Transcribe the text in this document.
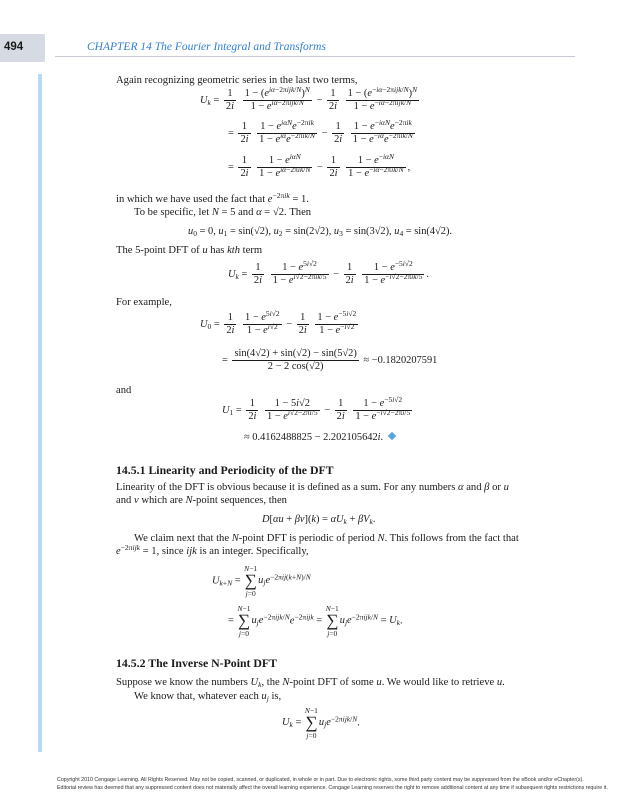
494	CHAPTER 14 The Fourier Integral and Transforms
Again recognizing geometric series in the last two terms,
$U_k = \frac{1}{2i}$
$\frac{1 - (e^{i\alpha-2\pi ijk/N})^N}{1 - e^{i\alpha-2\pi ijk/N}} - \frac{1}{2i}$
$\frac{1 - (e^{-i\alpha-2\pi ijk/N})^N}{1 - e^{-i\alpha-2\pi ijk/N}}$
= $\frac{1}{2i}$
$\frac{1 - e^{i\alpha N}e^{-2\pi ik}}{1 - e^{i\alpha}e^{-2\pi ik/N}} - \frac{1}{2i}$
$\frac{1 - e^{-i\alpha N}e^{-2\pi ik}}{1 - e^{-i\alpha}e^{-2\pi ik/N}}$
= $\frac{1}{2i}$
$\frac{1 - e^{i\alpha N}}{1 - e^{i\alpha-2\pi ik/N}} - \frac{1}{2i}$
$\frac{1 - e^{-i\alpha N}}{1 - e^{-i\alpha-2\pi ik/N}}$ ,
in which we have used the fact that $e^{-2\pi ik} = 1$.
To be specific, let N = 5 and α = √2. Then
$u_0 = 0$, $u_1 = \sin(√2)$, $u_2 = \sin(2√2)$, $u_3 = \sin(3√2)$, $u_4 = \sin(4√2)$.
The 5-point DFT of u has kth term
$U_k = \frac{1}{2i}$
$\frac{1 - e^{5i√2}}{1 - e^{i√2-2\pi ik/5}} - \frac{1}{2i}$
$\frac{1 - e^{-5i√2}}{1 - e^{-i√2-2\pi ik/5}}$ .
For example,
$U_0 = \frac{1}{2i}$
$\frac{1 - e^{5i√2}}{1 - e^{i√2}} - \frac{1}{2i}$
$\frac{1 - e^{-5i√2}}{1 - e^{-i√2}}$
= $\frac{\sin(4√2) + \sin(√2) - \sin(5√2)}{2 - 2 \cos(√2)} \approx -0.1820207591$
and
$U_1 = \frac{1}{2i}$
$\frac{1 - 5i√2}{1 - e^{i√2-2\pi i/5}} - \frac{1}{2i}$
$\frac{1 - e^{-5i√2}}{1 - e^{-i√2-2\pi i/5}}$
≈ 0.4162488825 − 2.202105642i.
14.5.1 Linearity and Periodicity of the DFT
Linearity of the DFT is obvious because it is defined as a sum. For any numbers α and β or u
and v which are N-point sequences, then
$D[\alpha u + \beta v](k) = \alpha U_k + \beta V_k$.
We claim next that the N-point DFT is periodic of period N. This follows from the fact that
$e^{-2\pi ijk} = 1$, since ijk is an integer. Specifically,
$U_{k+N} = N-1$
∑
$j=0u_je^{-2\pi ij(k+N)/N}$
= N−1
∑
$j=0u_je^{-2\pi ijk/N}e^{-2\pi ijk} = N-1$
∑
$j=0u_je^{-2\pi ijk/N} = U_k$.
14.5.2 The Inverse N-Point DFT
Suppose we know the numbers $U_k$, the N-point DFT of some u. We would like to retrieve u.
We know that, whatever each $u_j$ is,
$U_k = N-1$
∑
$j=0u_je^{-2\pi ijk/N}$.
Copyright 2010 Cengage Learning. All Rights Reserved. May not be copied, scanned, or duplicated, in whole or in part. Due to electronic rights, some third party content may be suppressed from the eBook and/or eChapter(s).
Editorial review has deemed that any suppressed content does not materially affect the overall learning experience. Cengage Learning reserves the right to remove additional content at any time if subsequent rights restrictions require it.
